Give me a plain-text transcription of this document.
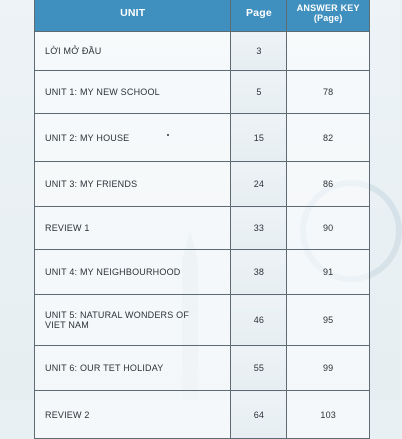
UNIT	Page	ANSWER KEY
(Page)
LỜI MỞ ĐẦU	3	
UNIT 1: MY NEW SCHOOL	5	78
UNIT 2: MY HOUSE	15	82
UNIT 3: MY FRIENDS	24	86
REVIEW 1	33	90
UNIT 4: MY NEIGHBOURHOOD	38	91
UNIT 5: NATURAL WONDERS OF
VIET NAM	46	95
UNIT 6: OUR TET HOLIDAY	55	99
REVIEW 2	64	103
